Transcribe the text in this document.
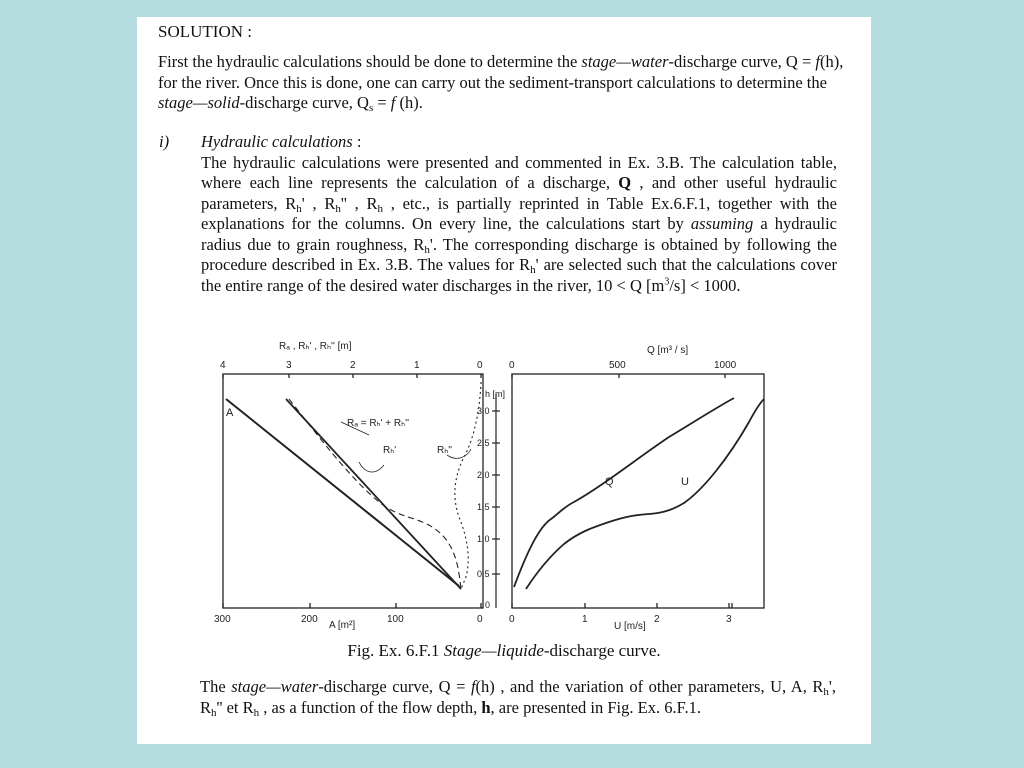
SOLUTION :

First the hydraulic calculations should be done to determine the stage—water-discharge curve, Q = f(h), for the river. Once this is done, one can carry out the sediment-transport calculations to determine the stage—solid-discharge curve, $Q_s = f$ (h).

i) Hydraulic calculations :
The hydraulic calculations were presented and commented in Ex. 3.B. The calculation table, where each line represents the calculation of a discharge, Q , and other useful hydraulic parameters, $R_h'$ , $R_h''$ , $R_h$ , etc., is partially reprinted in Table Ex.6.F.1, together with the explanations for the columns. On every line, the calculations start by assuming a hydraulic radius due to grain roughness, $R_h'$. The corresponding discharge is obtained by following the procedure described in Ex. 3.B. The values for $R_h'$ are selected such that the calculations cover the entire range of the desired water discharges in the river, 10 < Q $[m^3/s] < 1000$.

Rₐ , Rₕ' , Rₕ'' [m]
4	3	2	1	0
300	200	100	0
A [m²]
A
Rₐ = Rₕ' + Rₕ''
Rₕ'	Rₕ''
h [m]
3.0
2.5
2.0
1.5
1.0
0.5
0
Q [m³ / s]
0	500	1000
0	1	2	3
U [m/s]
Q	U

Fig. Ex. 6.F.1 Stage—liquide-discharge curve.

The stage—water-discharge curve, Q = f(h) , and the variation of other parameters, U, A, $R_h'$, $R_h''$ et $R_h$ , as a function of the flow depth, h, are presented in Fig. Ex. 6.F.1.
